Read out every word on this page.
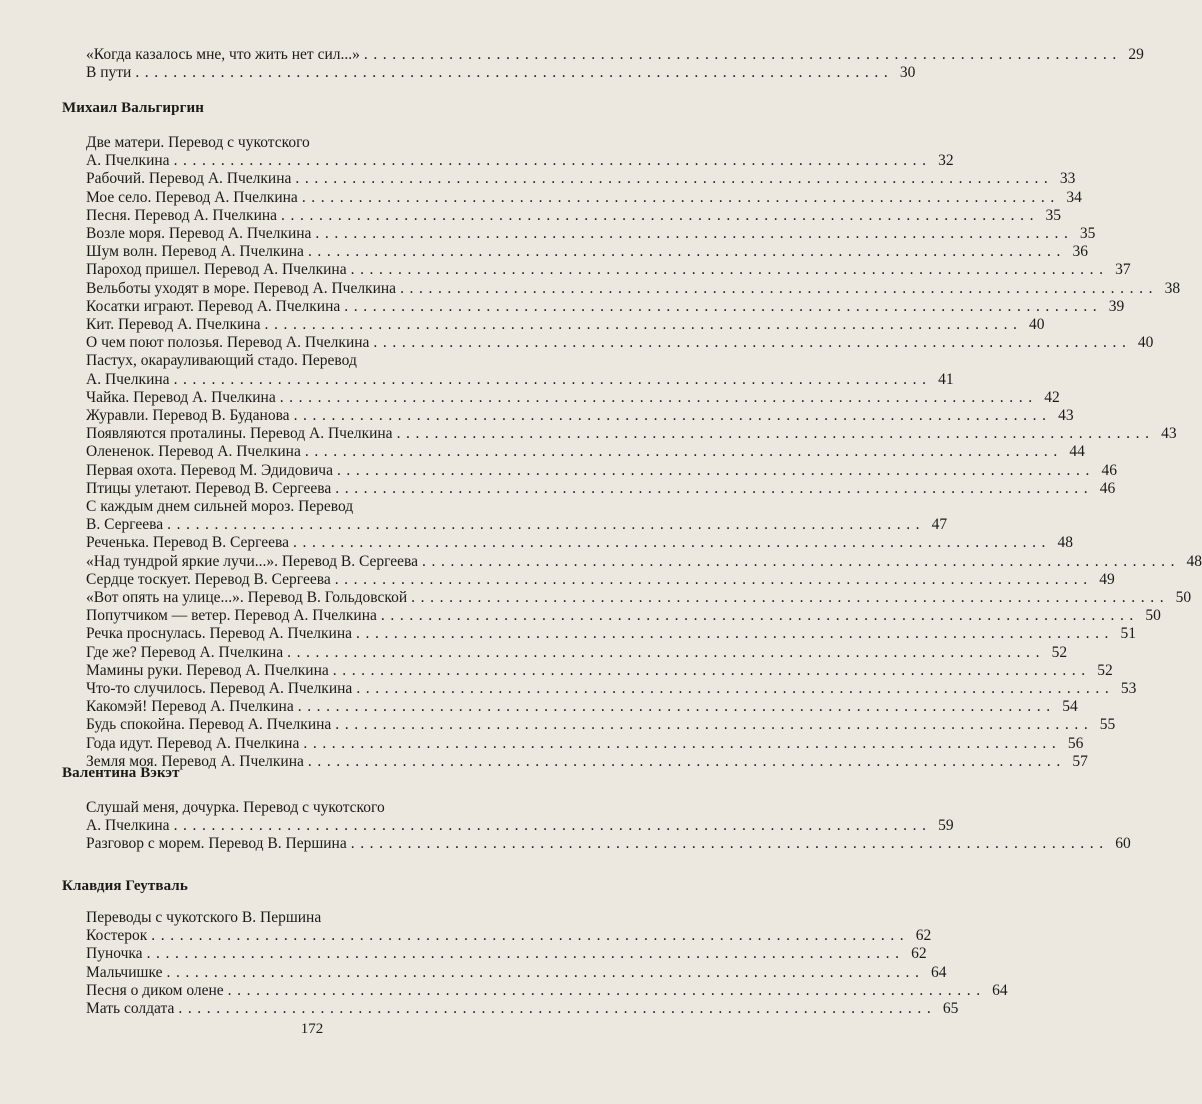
«Когда казалось мне, что жить нет сил...» ................................................................................ 29
В пути ................................................................................ 30
Михаил Вальгиргин
Две матери. Перевод с чукотского
А. Пчелкина ................................................................................ 32
Рабочий. Перевод А. Пчелкина ................................................................................ 33
Мое село. Перевод А. Пчелкина ................................................................................ 34
Песня. Перевод А. Пчелкина ................................................................................ 35
Возле моря. Перевод А. Пчелкина ................................................................................ 35
Шум волн. Перевод А. Пчелкина ................................................................................ 36
Пароход пришел. Перевод А. Пчелкина ................................................................................ 37
Вельботы уходят в море. Перевод А. Пчелкина ................................................................................ 38
Косатки играют. Перевод А. Пчелкина ................................................................................ 39
Кит. Перевод А. Пчелкина ................................................................................ 40
О чем поют полозья. Перевод А. Пчелкина ................................................................................ 40
Пастух, окарауливающий стадо. Перевод
А. Пчелкина ................................................................................ 41
Чайка. Перевод А. Пчелкина ................................................................................ 42
Журавли. Перевод В. Буданова ................................................................................ 43
Появляются проталины. Перевод А. Пчелкина ................................................................................ 43
Олененок. Перевод А. Пчелкина ................................................................................ 44
Первая охота. Перевод М. Эдидовича ................................................................................ 46
Птицы улетают. Перевод В. Сергеева ................................................................................ 46
С каждым днем сильней мороз. Перевод
В. Сергеева ................................................................................ 47
Реченька. Перевод В. Сергеева ................................................................................ 48
«Над тундрой яркие лучи...». Перевод В. Сергеева ................................................................................ 48
Сердце тоскует. Перевод В. Сергеева ................................................................................ 49
«Вот опять на улице...». Перевод В. Гольдовской ................................................................................ 50
Попутчиком — ветер. Перевод А. Пчелкина ................................................................................ 50
Речка проснулась. Перевод А. Пчелкина ................................................................................ 51
Где же? Перевод А. Пчелкина ................................................................................ 52
Мамины руки. Перевод А. Пчелкина ................................................................................ 52
Что-то случилось. Перевод А. Пчелкина ................................................................................ 53
Какомэй! Перевод А. Пчелкина ................................................................................ 54
Будь спокойна. Перевод А. Пчелкина ................................................................................ 55
Года идут. Перевод А. Пчелкина ................................................................................ 56
Земля моя. Перевод А. Пчелкина ................................................................................ 57
Валентина Вэкэт
Слушай меня, дочурка. Перевод с чукотского
А. Пчелкина ................................................................................ 59
Разговор с морем. Перевод В. Першина ................................................................................ 60
Клавдия Геутваль
Переводы с чукотского В. Першина
Костерок ................................................................................ 62
Пуночка ................................................................................ 62
Мальчишке ................................................................................ 64
Песня о диком олене ................................................................................ 64
Мать солдата ................................................................................ 65
172
